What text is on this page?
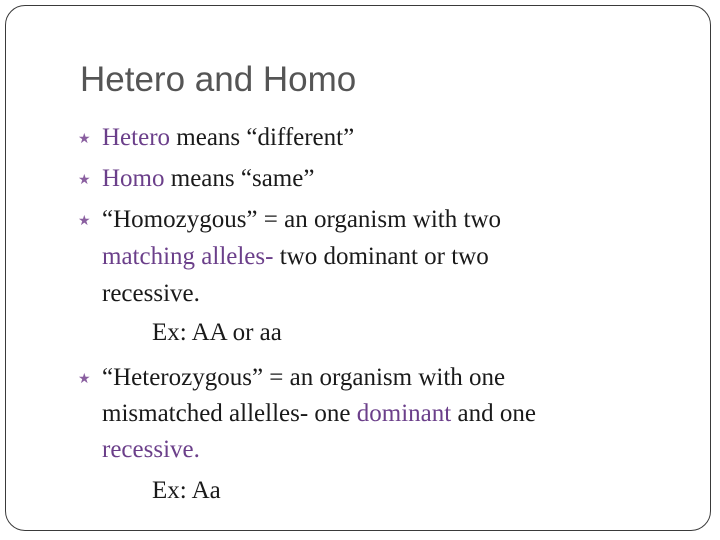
Hetero and Homo
★ Hetero means “different”
★ Homo means “same”
★ “Homozygous” = an organism with two
matching alleles- two dominant or two
recessive.
Ex: AA or aa
★ “Heterozygous” = an organism with one
mismatched allelles- one dominant and one
recessive.
Ex: Aa
